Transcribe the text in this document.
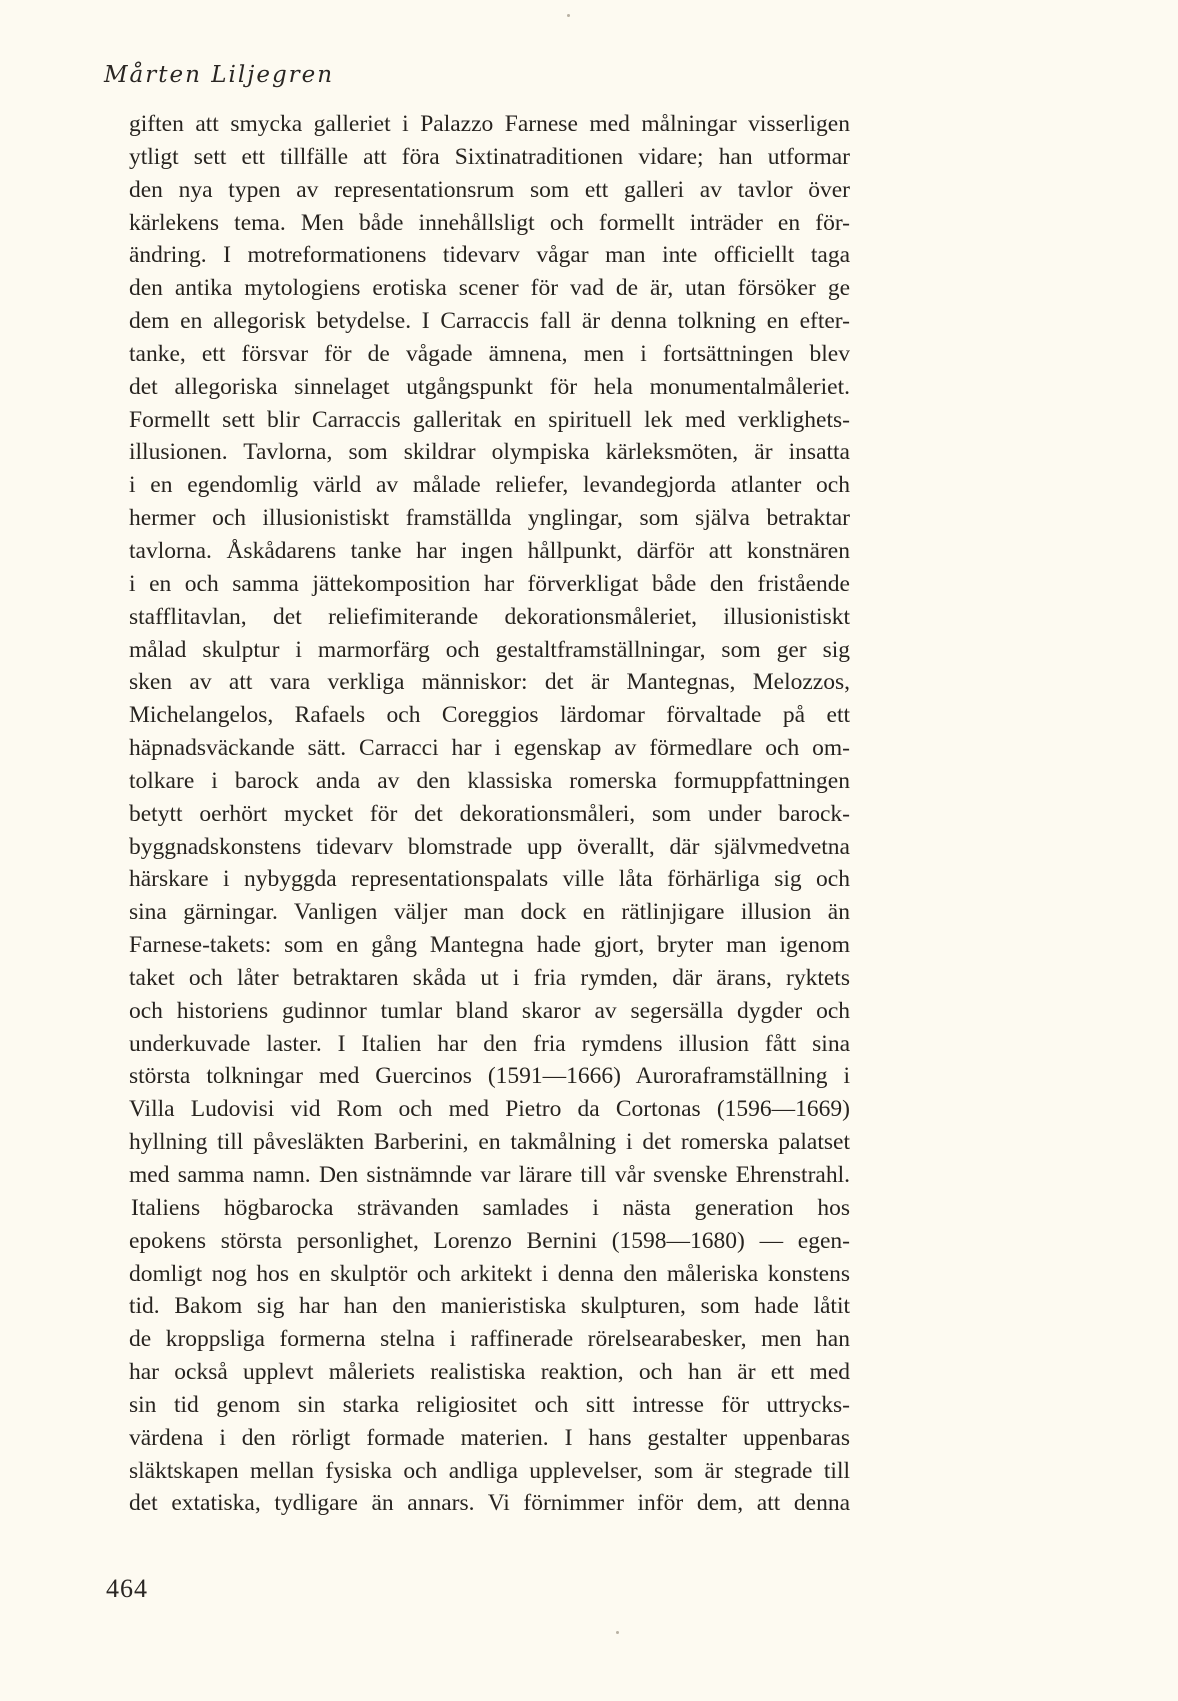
Mårten Liljegren
giften att smycka galleriet i Palazzo Farnese med målningar visserligen
ytligt sett ett tillfälle att föra Sixtinatraditionen vidare; han utformar
den nya typen av representationsrum som ett galleri av tavlor över
kärlekens tema. Men både innehållsligt och formellt inträder en för-
ändring. I motreformationens tidevarv vågar man inte officiellt taga
den antika mytologiens erotiska scener för vad de är, utan försöker ge
dem en allegorisk betydelse. I Carraccis fall är denna tolkning en efter-
tanke, ett försvar för de vågade ämnena, men i fortsättningen blev
det allegoriska sinnelaget utgångspunkt för hela monumentalmåleriet.
Formellt sett blir Carraccis galleritak en spirituell lek med verklighets-
illusionen. Tavlorna, som skildrar olympiska kärleksmöten, är insatta
i en egendomlig värld av målade reliefer, levandegjorda atlanter och
hermer och illusionistiskt framställda ynglingar, som själva betraktar
tavlorna. Åskådarens tanke har ingen hållpunkt, därför att konstnären
i en och samma jättekomposition har förverkligat både den fristående
stafflitavlan, det reliefimiterande dekorationsmåleriet, illusionistiskt
målad skulptur i marmorfärg och gestaltframställningar, som ger sig
sken av att vara verkliga människor: det är Mantegnas, Melozzos,
Michelangelos, Rafaels och Coreggios lärdomar förvaltade på ett
häpnadsväckande sätt. Carracci har i egenskap av förmedlare och om-
tolkare i barock anda av den klassiska romerska formuppfattningen
betytt oerhört mycket för det dekorationsmåleri, som under barock-
byggnadskonstens tidevarv blomstrade upp överallt, där självmedvetna
härskare i nybyggda representationspalats ville låta förhärliga sig och
sina gärningar. Vanligen väljer man dock en rätlinjigare illusion än
Farnese-takets: som en gång Mantegna hade gjort, bryter man igenom
taket och låter betraktaren skåda ut i fria rymden, där ärans, ryktets
och historiens gudinnor tumlar bland skaror av segersälla dygder och
underkuvade laster. I Italien har den fria rymdens illusion fått sina
största tolkningar med Guercinos (1591—1666) Auroraframställning i
Villa Ludovisi vid Rom och med Pietro da Cortonas (1596—1669)
hyllning till påvesläkten Barberini, en takmålning i det romerska palatset
med samma namn. Den sistnämnde var lärare till vår svenske Ehrenstrahl.
Italiens högbarocka strävanden samlades i nästa generation hos
epokens största personlighet, Lorenzo Bernini (1598—1680) — egen-
domligt nog hos en skulptör och arkitekt i denna den måleriska konstens
tid. Bakom sig har han den manieristiska skulpturen, som hade låtit
de kroppsliga formerna stelna i raffinerade rörelsearabesker, men han
har också upplevt måleriets realistiska reaktion, och han är ett med
sin tid genom sin starka religiositet och sitt intresse för uttrycks-
värdena i den rörligt formade materien. I hans gestalter uppenbaras
släktskapen mellan fysiska och andliga upplevelser, som är stegrade till
det extatiska, tydligare än annars. Vi förnimmer inför dem, att denna
464
